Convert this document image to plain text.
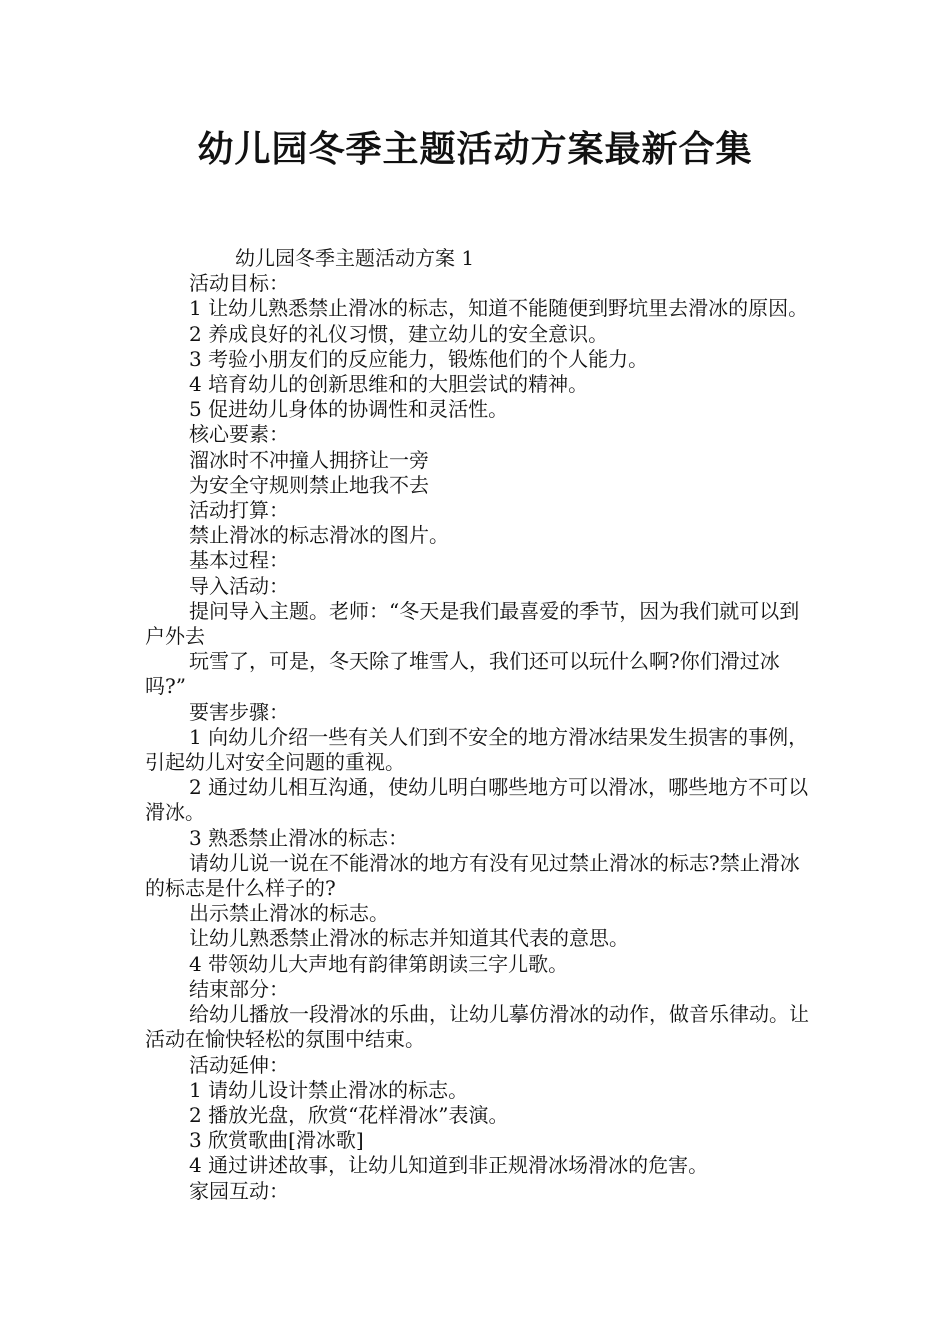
幼儿园冬季主题活动方案最新合集

幼儿园冬季主题活动方案 1

活动目标：

1 让幼儿熟悉禁止滑冰的标志，知道不能随便到野坑里去滑冰的原因。

2 养成良好的礼仪习惯，建立幼儿的安全意识。

3 考验小朋友们的反应能力，锻炼他们的个人能力。

4 培育幼儿的创新思维和的大胆尝试的精神。

5 促进幼儿身体的协调性和灵活性。

核心要素：

溜冰时不冲撞人拥挤让一旁

为安全守规则禁止地我不去

活动打算：

禁止滑冰的标志滑冰的图片。

基本过程：

导入活动：

提问导入主题。老师：“冬天是我们最喜爱的季节，因为我们就可以到户外去

玩雪了，可是，冬天除了堆雪人，我们还可以玩什么啊?你们滑过冰吗?”

要害步骤：

1 向幼儿介绍一些有关人们到不安全的地方滑冰结果发生损害的事例，引起幼儿对安全问题的重视。

2 通过幼儿相互沟通，使幼儿明白哪些地方可以滑冰，哪些地方不可以滑冰。

3 熟悉禁止滑冰的标志：

请幼儿说一说在不能滑冰的地方有没有见过禁止滑冰的标志?禁止滑冰的标志是什么样子的?

出示禁止滑冰的标志。

让幼儿熟悉禁止滑冰的标志并知道其代表的意思。

4 带领幼儿大声地有韵律第朗读三字儿歌。

结束部分：

给幼儿播放一段滑冰的乐曲，让幼儿摹仿滑冰的动作，做音乐律动。让活动在愉快轻松的氛围中结束。

活动延伸：

1 请幼儿设计禁止滑冰的标志。

2 播放光盘，欣赏“花样滑冰”表演。

3 欣赏歌曲[滑冰歌]

4 通过讲述故事，让幼儿知道到非正规滑冰场滑冰的危害。

家园互动：
